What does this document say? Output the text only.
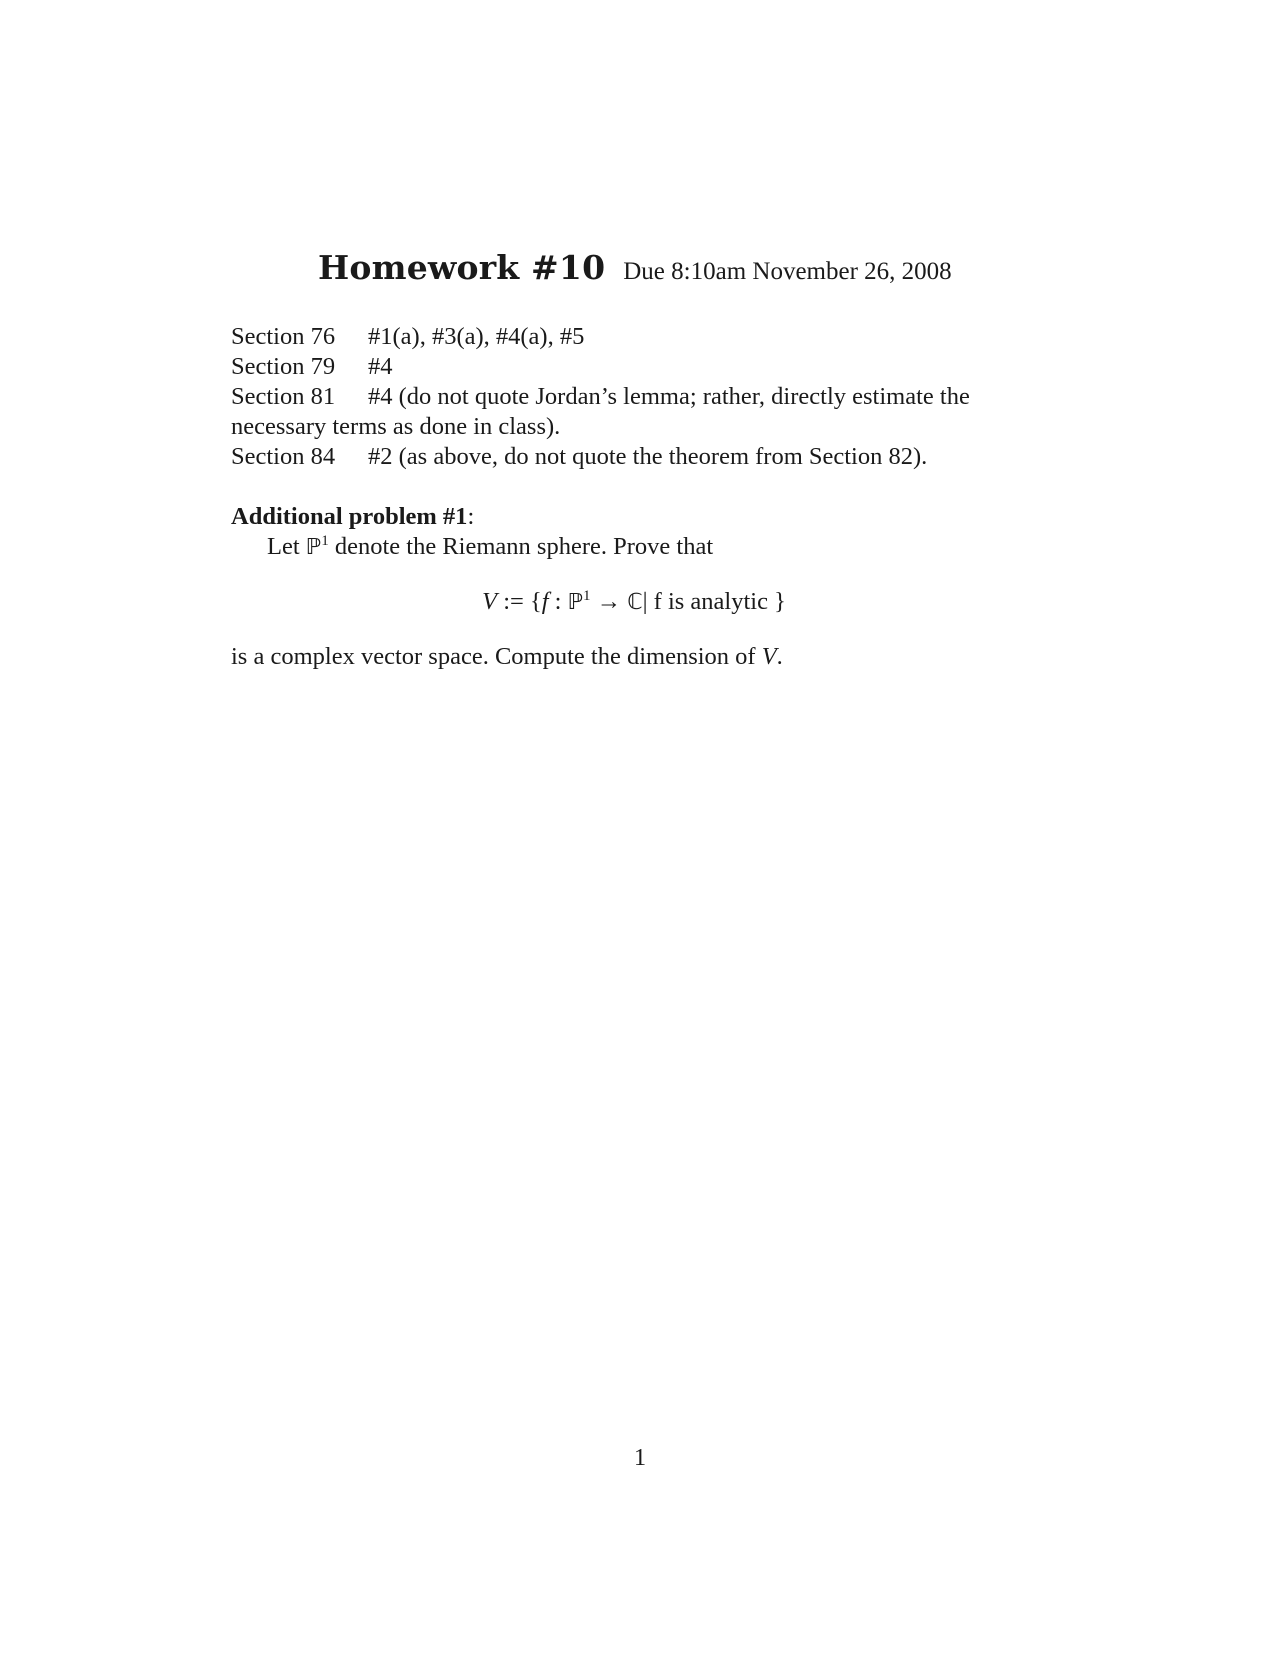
Homework #10 Due 8:10am November 26, 2008
Section 76 #1(a), #3(a), #4(a), #5
Section 79 #4
Section 81 #4 (do not quote Jordan’s lemma; rather, directly estimate the
necessary terms as done in class).
Section 84 #2 (as above, do not quote the theorem from Section 82).
Additional problem #1:
Let ℙ$^1$ denote the Riemann sphere. Prove that
V := {f : ℙ$^1$ → ℂ| f is analytic }
is a complex vector space. Compute the dimension of V.
1
